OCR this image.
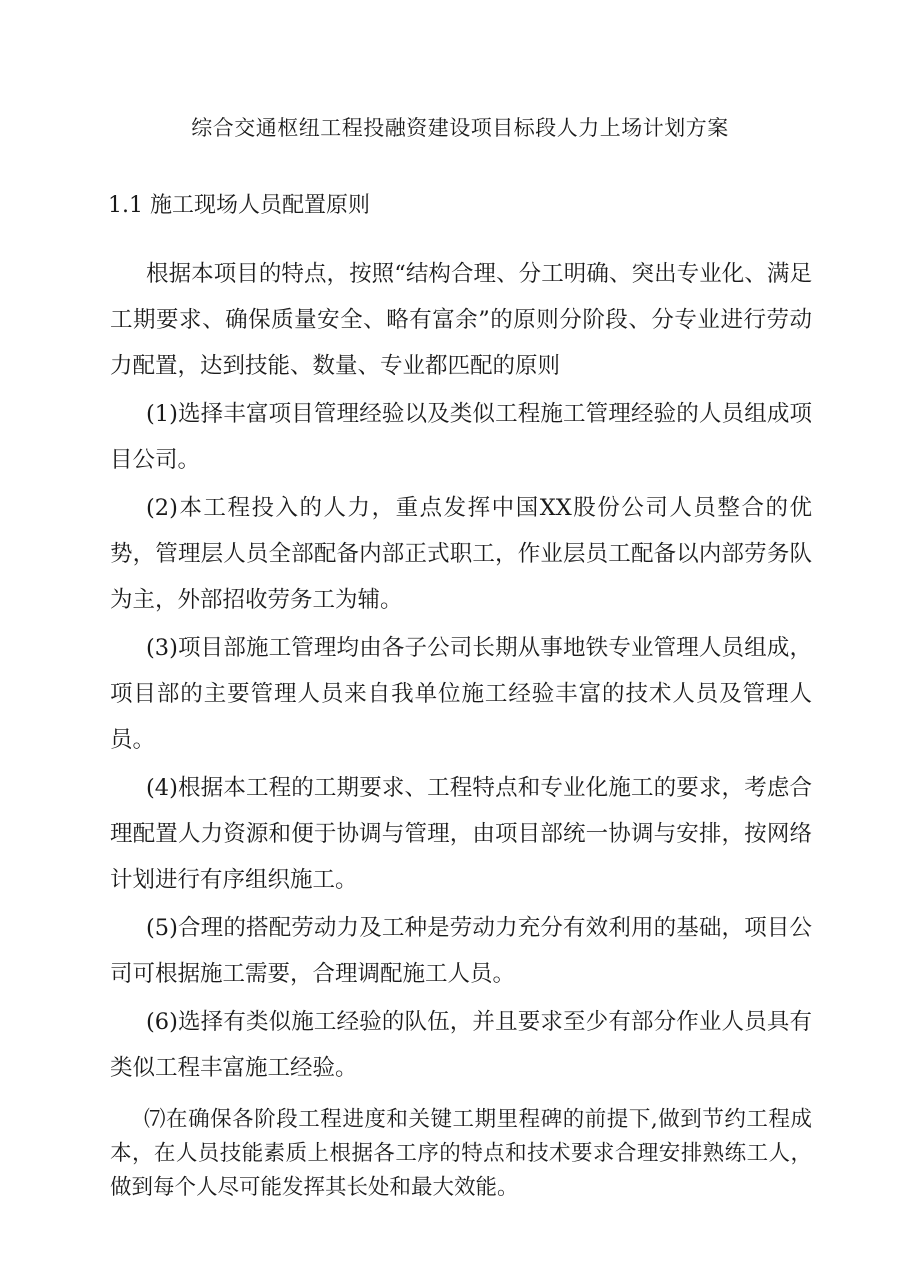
综合交通枢纽工程投融资建设项目标段人力上场计划方案
1.1 施工现场人员配置原则

根据本项目的特点，按照“结构合理、分工明确、突出专业化、满足工期要求、确保质量安全、略有富余”的原则分阶段、分专业进行劳动力配置，达到技能、数量、专业都匹配的原则

(1)选择丰富项目管理经验以及类似工程施工管理经验的人员组成项目公司。

(2)本工程投入的人力，重点发挥中国XX股份公司人员整合的优势，管理层人员全部配备内部正式职工，作业层员工配备以内部劳务队为主，外部招收劳务工为辅。

(3)项目部施工管理均由各子公司长期从事地铁专业管理人员组成，项目部的主要管理人员来自我单位施工经验丰富的技术人员及管理人员。

(4)根据本工程的工期要求、工程特点和专业化施工的要求，考虑合理配置人力资源和便于协调与管理，由项目部统一协调与安排，按网络计划进行有序组织施工。

(5)合理的搭配劳动力及工种是劳动力充分有效利用的基础，项目公司可根据施工需要，合理调配施工人员。

(6)选择有类似施工经验的队伍，并且要求至少有部分作业人员具有类似工程丰富施工经验。

⑺在确保各阶段工程进度和关键工期里程碑的前提下,做到节约工程成本，在人员技能素质上根据各工序的特点和技术要求合理安排熟练工人，做到每个人尽可能发挥其长处和最大效能。
